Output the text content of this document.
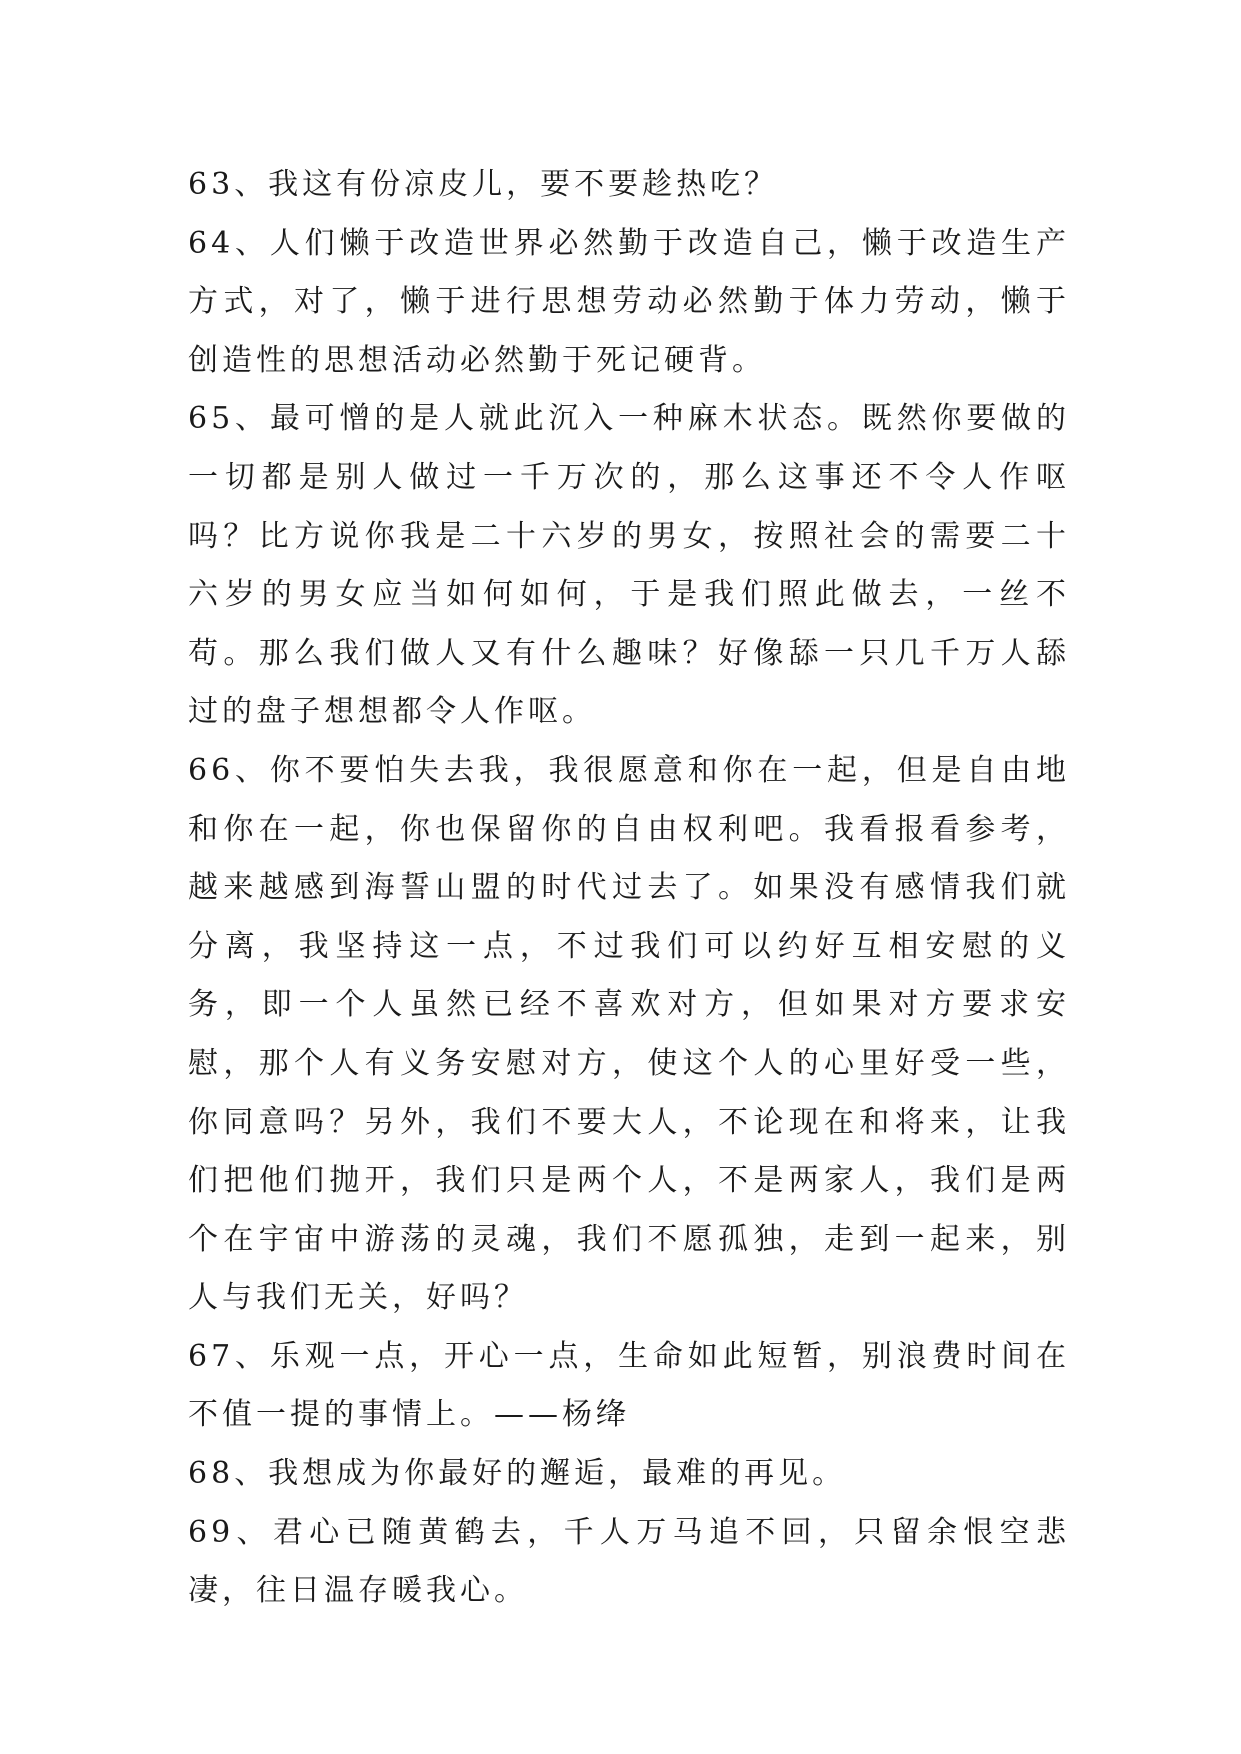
63、我这有份凉皮儿，要不要趁热吃？

64、人们懒于改造世界必然勤于改造自己，懒于改造生产方式，对了，懒于进行思想劳动必然勤于体力劳动，懒于创造性的思想活动必然勤于死记硬背。

65、最可憎的是人就此沉入一种麻木状态。既然你要做的一切都是别人做过一千万次的，那么这事还不令人作呕吗？比方说你我是二十六岁的男女，按照社会的需要二十六岁的男女应当如何如何，于是我们照此做去，一丝不苟。那么我们做人又有什么趣味？好像舔一只几千万人舔过的盘子想想都令人作呕。

66、你不要怕失去我，我很愿意和你在一起，但是自由地和你在一起，你也保留你的自由权利吧。我看报看参考，越来越感到海誓山盟的时代过去了。如果没有感情我们就分离，我坚持这一点，不过我们可以约好互相安慰的义务，即一个人虽然已经不喜欢对方，但如果对方要求安慰，那个人有义务安慰对方，使这个人的心里好受一些，你同意吗？另外，我们不要大人，不论现在和将来，让我们把他们抛开，我们只是两个人，不是两家人，我们是两个在宇宙中游荡的灵魂，我们不愿孤独，走到一起来，别人与我们无关，好吗？

67、乐观一点，开心一点，生命如此短暂，别浪费时间在不值一提的事情上。——杨绛

68、我想成为你最好的邂逅，最难的再见。

69、君心已随黄鹤去，千人万马追不回，只留余恨空悲凄，往日温存暖我心。
